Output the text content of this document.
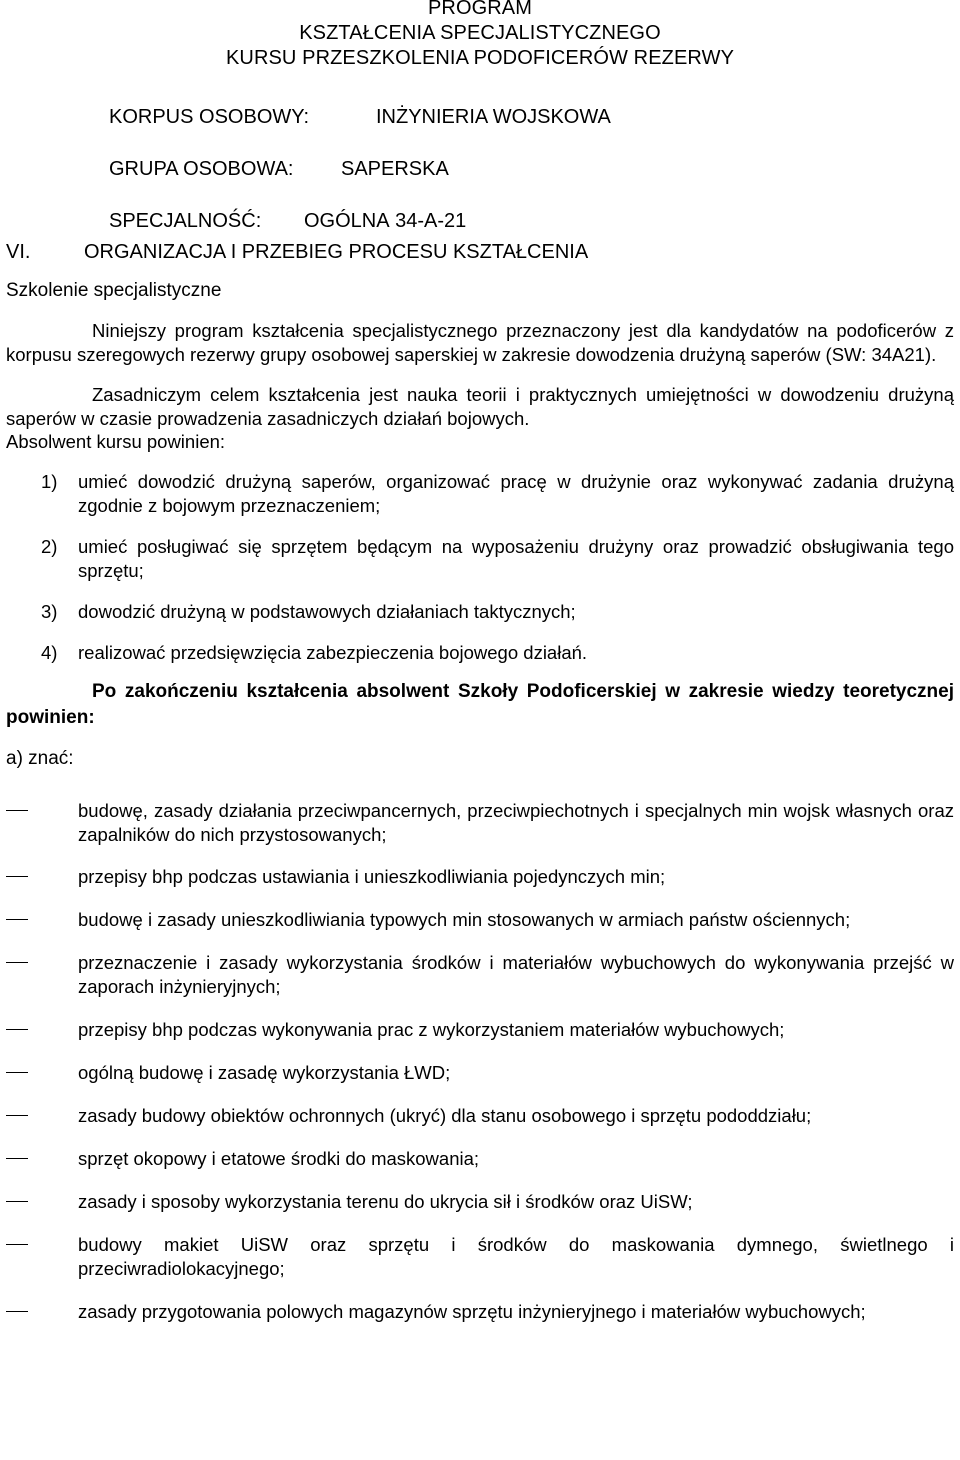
PROGRAM
KSZTAŁCENIA SPECJALISTYCZNEGO
KURSU PRZESZKOLENIA PODOFICERÓW REZERWY
KORPUS OSOBOWY:	INŻYNIERIA WOJSKOWA
GRUPA OSOBOWA: SAPERSKA
SPECJALNOŚĆ: OGÓLNA 34-A-21
VI.	ORGANIZACJA I PRZEBIEG PROCESU KSZTAŁCENIA
Szkolenie specjalistyczne
Niniejszy program kształcenia specjalistycznego przeznaczony jest dla kandydatów na podoficerów z korpusu szeregowych rezerwy grupy osobowej saperskiej w zakresie dowodzenia drużyną saperów (SW: 34A21).
Zasadniczym celem kształcenia jest nauka teorii i praktycznych umiejętności w dowodzeniu drużyną saperów w czasie prowadzenia zasadniczych działań bojowych.
Absolwent kursu powinien:
1) umieć dowodzić drużyną saperów, organizować pracę w drużynie oraz wykonywać zadania drużyną zgodnie z bojowym przeznaczeniem;
2) umieć posługiwać się sprzętem będącym na wyposażeniu drużyny oraz prowadzić obsługiwania tego sprzętu;
3) dowodzić drużyną w podstawowych działaniach taktycznych;
4) realizować przedsięwzięcia zabezpieczenia bojowego działań.
Po zakończeniu kształcenia absolwent Szkoły Podoficerskiej w zakresie wiedzy teoretycznej powinien:
a) znać:
budowę, zasady działania przeciwpancernych, przeciwpiechotnych i specjalnych min wojsk własnych oraz zapalników do nich przystosowanych;
przepisy bhp podczas ustawiania i unieszkodliwiania pojedynczych min;
budowę i zasady unieszkodliwiania typowych min stosowanych w armiach państw ościennych;
przeznaczenie i zasady wykorzystania środków i materiałów wybuchowych do wykonywania przejść w zaporach inżynieryjnych;
przepisy bhp podczas wykonywania prac z wykorzystaniem materiałów wybuchowych;
ogólną budowę i zasadę wykorzystania ŁWD;
zasady budowy obiektów ochronnych (ukryć) dla stanu osobowego i sprzętu pododdziału;
sprzęt okopowy i etatowe środki do maskowania;
zasady i sposoby wykorzystania terenu do ukrycia sił i środków oraz UiSW;
budowy makiet UiSW oraz sprzętu i środków do maskowania dymnego, świetlnego i przeciwradiolokacyjnego;
zasady przygotowania polowych magazynów sprzętu inżynieryjnego i materiałów wybuchowych;
